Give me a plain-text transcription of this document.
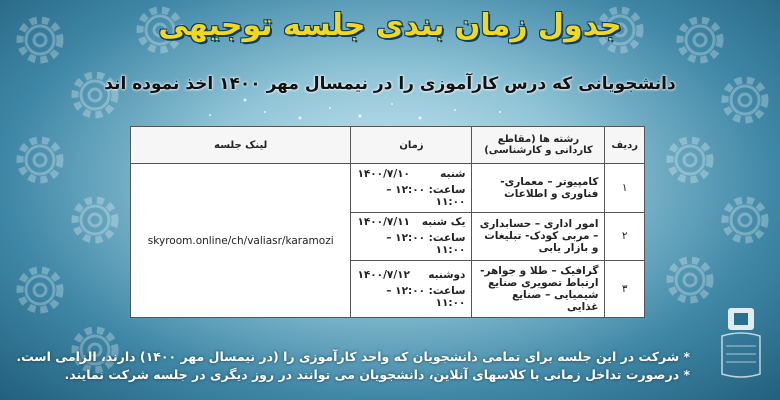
جدول زمان بندی جلسه توجیهی
دانشجویانی که درس کارآموزی را در نیمسال مهر ۱۴۰۰ اخذ نموده اند
ردیف	رشته ها (مقاطع کاردانی و کارشناسی)	زمان	لینک جلسه
۱	کامپیوتر – معماری- فناوری و اطلاعات	شنبه
۱۴۰۰/۷/۱۰
ساعت: ۱۲:۰۰ – ۱۱:۰۰	skyroom.online/ch/valiasr/karamozi
۲	امور اداری – حسابداری – مربی کودک- تبلیغات و بازار یابی	یک شنبه
۱۴۰۰/۷/۱۱
ساعت: ۱۲:۰۰ – ۱۱:۰۰	

۳	گرافیک – طلا و جواهر-ارتباط تصویری صنایع شیمیایی – صنایع غذایی	دوشنبه
۱۴۰۰/۷/۱۲
ساعت: ۱۲:۰۰ – ۱۱:۰۰	
* شرکت در این جلسه برای تمامی دانشجویان که واحد کارآموزی را (در نیمسال مهر ۱۴۰۰) دارند، الزامی است.
* درصورت تداخل زمانی با کلاسهای آنلاین، دانشجویان می توانند در روز دیگری در جلسه شرکت نمایند.
